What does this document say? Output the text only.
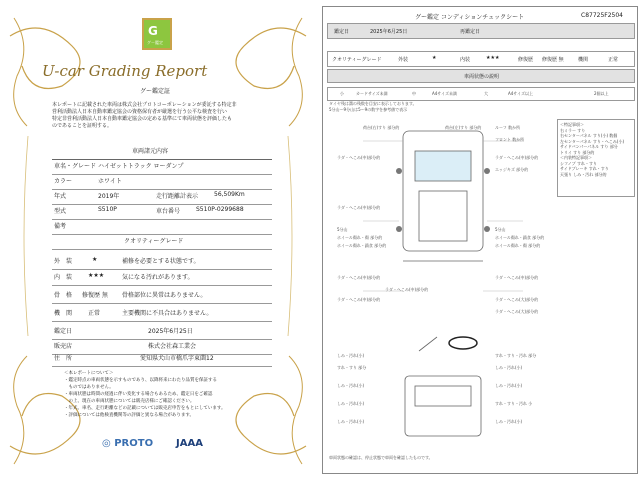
G
グー鑑定
U-car Grading Report
グー鑑定証
本レポートに記載された車両は株式会社プロトコーポレーションが委託する特定非
営利活動法人日本自動車鑑定協会の資格保有者が厳選を行う公平な検査を行い
特定非営利活動法人日本自動車鑑定協会の定める基準にて車両状態を評価したも
のであることを証明する。
車両諸元内容
車名・グレード ハイゼットトラック ローダンプ
カラー	ホワイト
年式	2019年	走行距離計表示	56,509Km
型式	S510P	車台番号	S510P-0299688
備考
クオリティーグレード
外　装	★	補修を必要とする状態です。
内　装	★★★	気になる汚れがあります。
骨　格 修復歴 無 骨格部位に異常はありません。
機　関	正常	主要機関に不具合はありません。
鑑定日	2025年6月25日
販売店	株式会社森工業会
住　所	愛知県犬山市橋爪字東薗12
＜本レポートについて＞
・鑑定時点の車両状態を示すものであり、以降将来にわたり品質を保証する
　ものではありません。
・車両状態は時間の経過に伴い変化する場合もあるため、鑑定日をご確認
　の上、現在の車両状態については販売店様にご確認ください。
・年式、車名、走行距離などの記載については販売店申告をもとにしています。
・評価については他検査機関等の評価と異なる場合があります。
◎ PROTO JAAA
グー鑑定 コンディションチェックシート	C87725F2504
鑑定日	2025年6月25日	再鑑定日
クオリティーグレード	外装	★	内装	★★★	修復歴 修復歴 無	機関	正常
車両状態の説明
小	カードサイズ未満	中	A4サイズ未満	大	A4サイズ以上	2個以上
タイヤ残は溝の残数を目安に表示しております。
5分山～9分山は5～9の数字を参考値で表示
荷台(右)すり 部分的	荷台(左)すり 部分的	ルーフ 数か所
フロント 数か所
ラダ・へこみ(中)部分的	ラダ・へこみ(中)部分的
エッジキズ 部分的
ラダ・へこみ(中)部分的
5分山
ホイール傷れ・傷 部分的
ホイール傷れ・錆食 部分的
5分山
ホイール傷れ・錆食 部分的
ホイール傷れ・傷 部分的
ラダ・へこみ(中)部分的
ラダ・へこみ(中)部分的
ラダ・へこみ(中)部分的
ラダ・へこみ(中)部分的
ラダ・へこみ(大)部分的
ラダ・へこみ(大)部分的
＜特記事項＞
右ミラー すり
右センターパネル すり(小) 数個
左センターパネル すり・へこみ(小)
サイドバンパーパネル すり 部分
トリイ すり 部分的
＜内装特記事項＞
シフノブ すれ・すり
サイドブレーキ すれ・すり
天張り しみ・汚れ 部分的
しみ・汚れ(小)
すれ・すり 部分
しみ・汚れ(小)
しみ・汚れ(小)
しみ・汚れ(小)
すれ・すり・汚れ 部分
しみ・汚れ(小)
しみ・汚れ(小)
すれ・すり・汚れ 小
しみ・汚れ(小)
車両状態の確認は、停止状態で車両を確認したものです。
